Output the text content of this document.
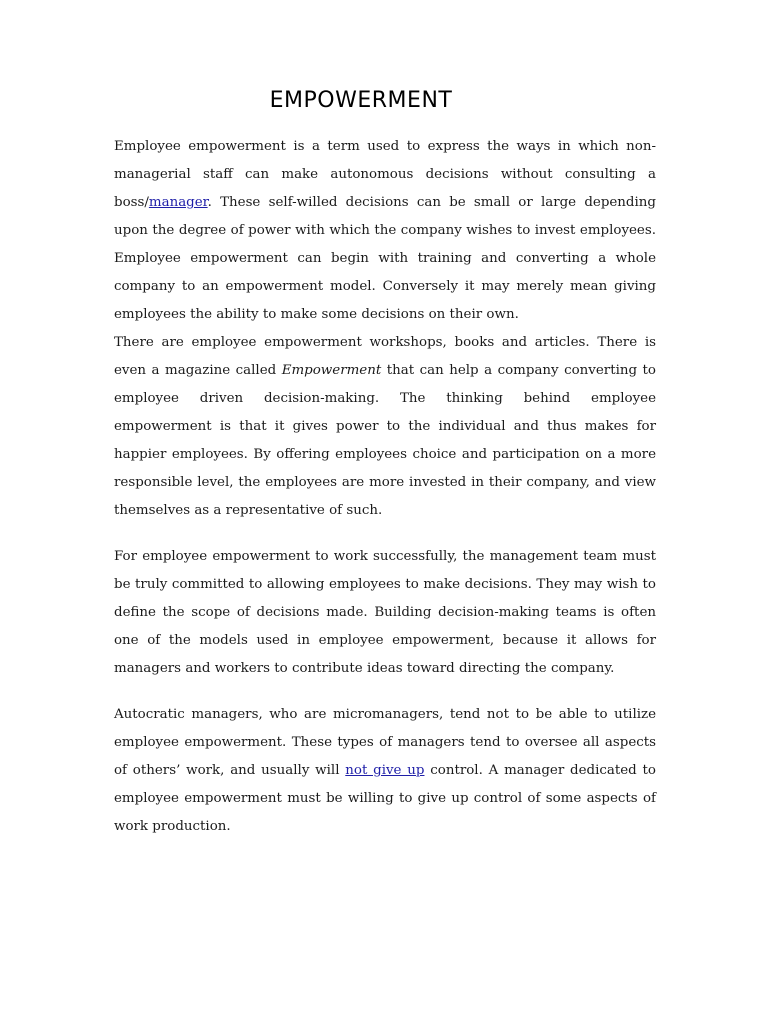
EMPOWERMENT

Employee empowerment is a term used to express the ways in which non-managerial staff can make autonomous decisions without consulting a boss/manager. These self-willed decisions can be small or large depending upon the degree of power with which the company wishes to invest employees. Employee empowerment can begin with training and converting a whole company to an empowerment model. Conversely it may merely mean giving employees the ability to make some decisions on their own.

There are employee empowerment workshops, books and articles. There is even a magazine called Empowerment that can help a company converting to employee driven decision-making. The thinking behind employee empowerment is that it gives power to the individual and thus makes for happier employees. By offering employees choice and participation on a more responsible level, the employees are more invested in their company, and view themselves as a representative of such.

For employee empowerment to work successfully, the management team must be truly committed to allowing employees to make decisions. They may wish to define the scope of decisions made. Building decision-making teams is often one of the models used in employee empowerment, because it allows for managers and workers to contribute ideas toward directing the company.

Autocratic managers, who are micromanagers, tend not to be able to utilize employee empowerment. These types of managers tend to oversee all aspects of others’ work, and usually will not give up control. A manager dedicated to employee empowerment must be willing to give up control of some aspects of work production.
